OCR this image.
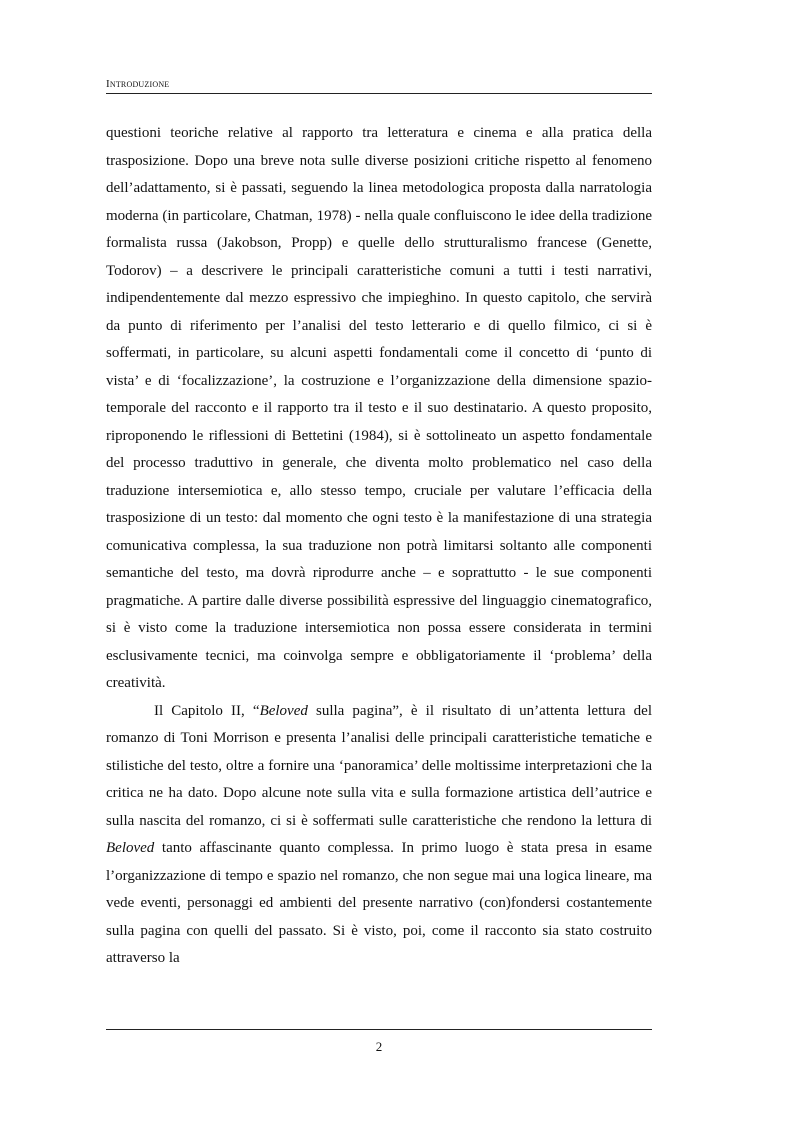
Introduzione

questioni teoriche relative al rapporto tra letteratura e cinema e alla pratica della trasposizione. Dopo una breve nota sulle diverse posizioni critiche rispetto al fenomeno dell’adattamento, si è passati, seguendo la linea metodologica proposta dalla narratologia moderna (in particolare, Chatman, 1978) - nella quale confluiscono le idee della tradizione formalista russa (Jakobson, Propp) e quelle dello strutturalismo francese (Genette, Todorov) – a descrivere le principali caratteristiche comuni a tutti i testi narrativi, indipendentemente dal mezzo espressivo che impieghino. In questo capitolo, che servirà da punto di riferimento per l’analisi del testo letterario e di quello filmico, ci si è soffermati, in particolare, su alcuni aspetti fondamentali come il concetto di ‘punto di vista’ e di ‘focalizzazione’, la costruzione e l’organizzazione della dimensione spazio-temporale del racconto e il rapporto tra il testo e il suo destinatario. A questo proposito, riproponendo le riflessioni di Bettetini (1984), si è sottolineato un aspetto fondamentale del processo traduttivo in generale, che diventa molto problematico nel caso della traduzione intersemiotica e, allo stesso tempo, cruciale per valutare l’efficacia della trasposizione di un testo: dal momento che ogni testo è la manifestazione di una strategia comunicativa complessa, la sua traduzione non potrà limitarsi soltanto alle componenti semantiche del testo, ma dovrà riprodurre anche – e soprattutto - le sue componenti pragmatiche. A partire dalle diverse possibilità espressive del linguaggio cinematografico, si è visto come la traduzione intersemiotica non possa essere considerata in termini esclusivamente tecnici, ma coinvolga sempre e obbligatoriamente il ‘problema’ della creatività.

Il Capitolo II, “Beloved sulla pagina”, è il risultato di un’attenta lettura del romanzo di Toni Morrison e presenta l’analisi delle principali caratteristiche tematiche e stilistiche del testo, oltre a fornire una ‘panoramica’ delle moltissime interpretazioni che la critica ne ha dato. Dopo alcune note sulla vita e sulla formazione artistica dell’autrice e sulla nascita del romanzo, ci si è soffermati sulle caratteristiche che rendono la lettura di Beloved tanto affascinante quanto complessa. In primo luogo è stata presa in esame l’organizzazione di tempo e spazio nel romanzo, che non segue mai una logica lineare, ma vede eventi, personaggi ed ambienti del presente narrativo (con)fondersi costantemente sulla pagina con quelli del passato. Si è visto, poi, come il racconto sia stato costruito attraverso la

2
